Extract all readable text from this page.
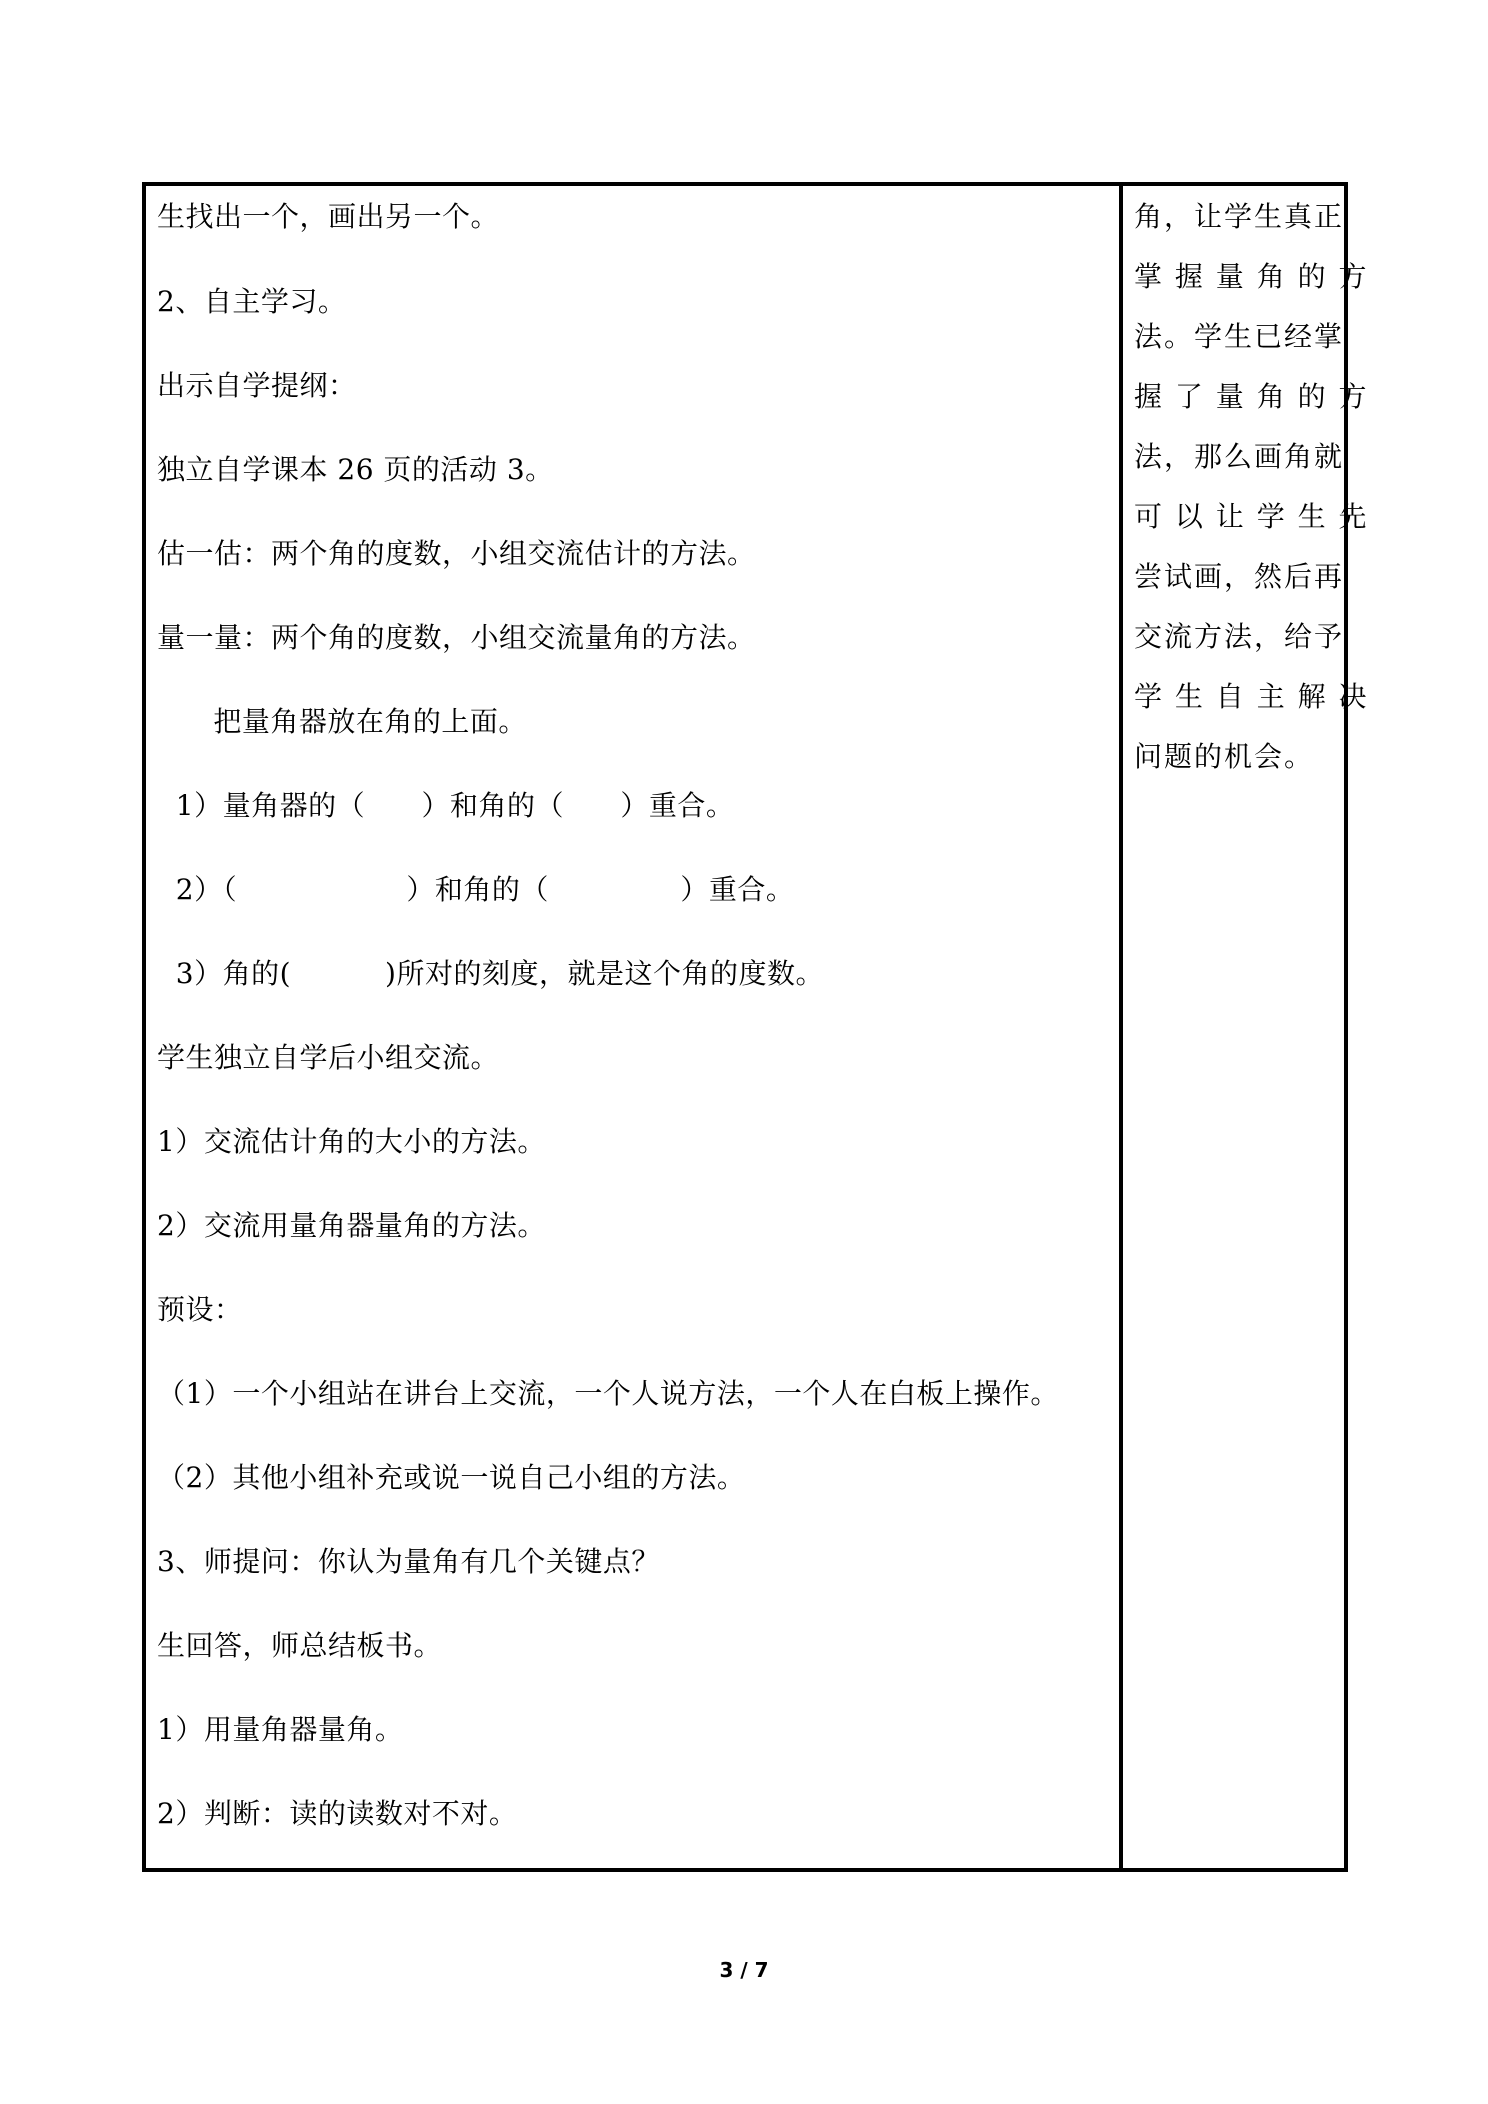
生找出一个，画出另一个。
2、自主学习。
出示自学提纲：
独立自学课本 26 页的活动 3。
估一估：两个角的度数，小组交流估计的方法。
量一量：两个角的度数，小组交流量角的方法。
把量角器放在角的上面。
1）量角器的（      ）和角的（      ）重合。
2）（                  ）和角的（              ）重合。
3）角的(          )所对的刻度，就是这个角的度数。
学生独立自学后小组交流。
1）交流估计角的大小的方法。
2）交流用量角器量角的方法。
预设：
（1）一个小组站在讲台上交流，一个人说方法，一个人在白板上操作。
（2）其他小组补充或说一说自己小组的方法。
3、师提问：你认为量角有几个关键点？
生回答，师总结板书。
1）用量角器量角。
2）判断：读的读数对不对。
角，让学生真正
掌 握 量 角 的 方
法。学生已经掌
握 了 量 角 的 方
法，那么画角就
可 以 让 学 生 先
尝试画，然后再
交流方法，给予
学 生 自 主 解 决
问题的机会。
3 / 7
